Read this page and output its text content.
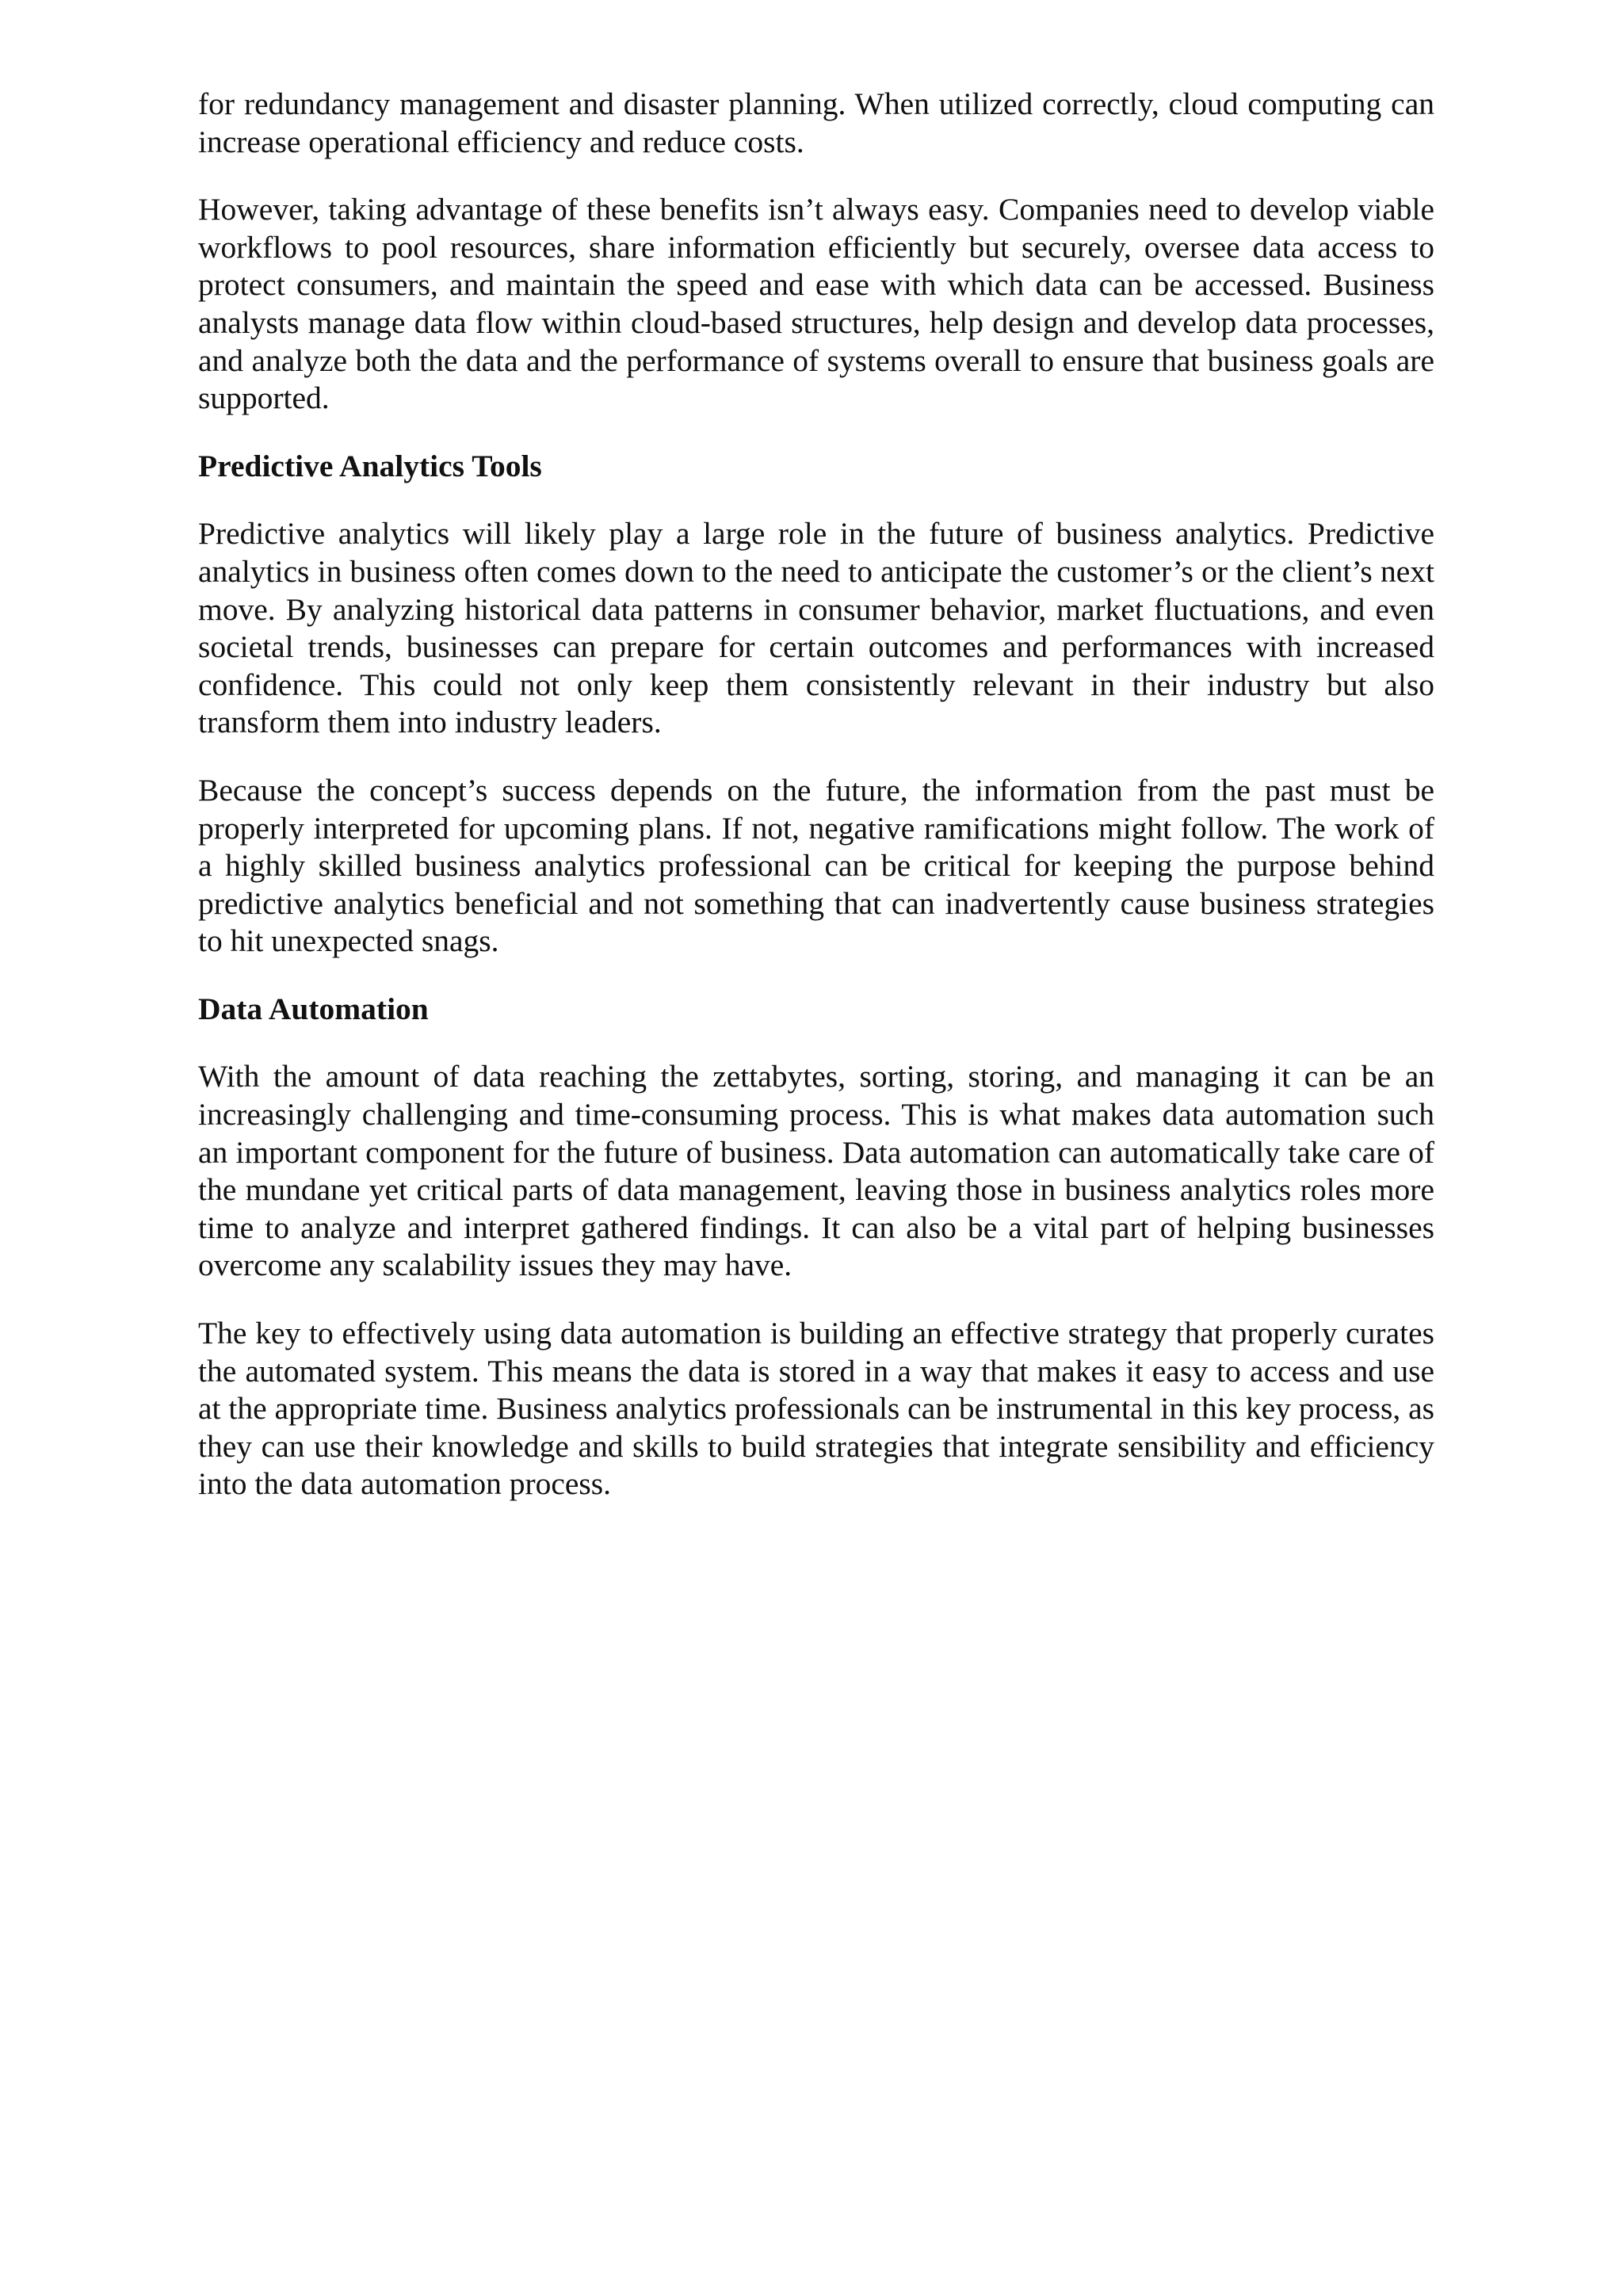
for redundancy management and disaster planning. When utilized correctly, cloud computing can increase operational efficiency and reduce costs.

However, taking advantage of these benefits isn’t always easy. Companies need to develop viable workflows to pool resources, share information efficiently but securely, oversee data access to protect consumers, and maintain the speed and ease with which data can be accessed. Business analysts manage data flow within cloud-based structures, help design and develop data processes, and analyze both the data and the performance of systems overall to ensure that business goals are supported.

Predictive Analytics Tools

Predictive analytics will likely play a large role in the future of business analytics. Predictive analytics in business often comes down to the need to anticipate the customer’s or the client’s next move. By analyzing historical data patterns in consumer behavior, market fluctuations, and even societal trends, businesses can prepare for certain outcomes and performances with increased confidence. This could not only keep them consistently relevant in their industry but also transform them into industry leaders.

Because the concept’s success depends on the future, the information from the past must be properly interpreted for upcoming plans. If not, negative ramifications might follow. The work of a highly skilled business analytics professional can be critical for keeping the purpose behind predictive analytics beneficial and not something that can inadvertently cause business strategies to hit unexpected snags.

Data Automation

With the amount of data reaching the zettabytes, sorting, storing, and managing it can be an increasingly challenging and time-consuming process. This is what makes data automation such an important component for the future of business. Data automation can automatically take care of the mundane yet critical parts of data management, leaving those in business analytics roles more time to analyze and interpret gathered findings. It can also be a vital part of helping businesses overcome any scalability issues they may have.

The key to effectively using data automation is building an effective strategy that properly curates the automated system. This means the data is stored in a way that makes it easy to access and use at the appropriate time. Business analytics professionals can be instrumental in this key process, as they can use their knowledge and skills to build strategies that integrate sensibility and efficiency into the data automation process.
